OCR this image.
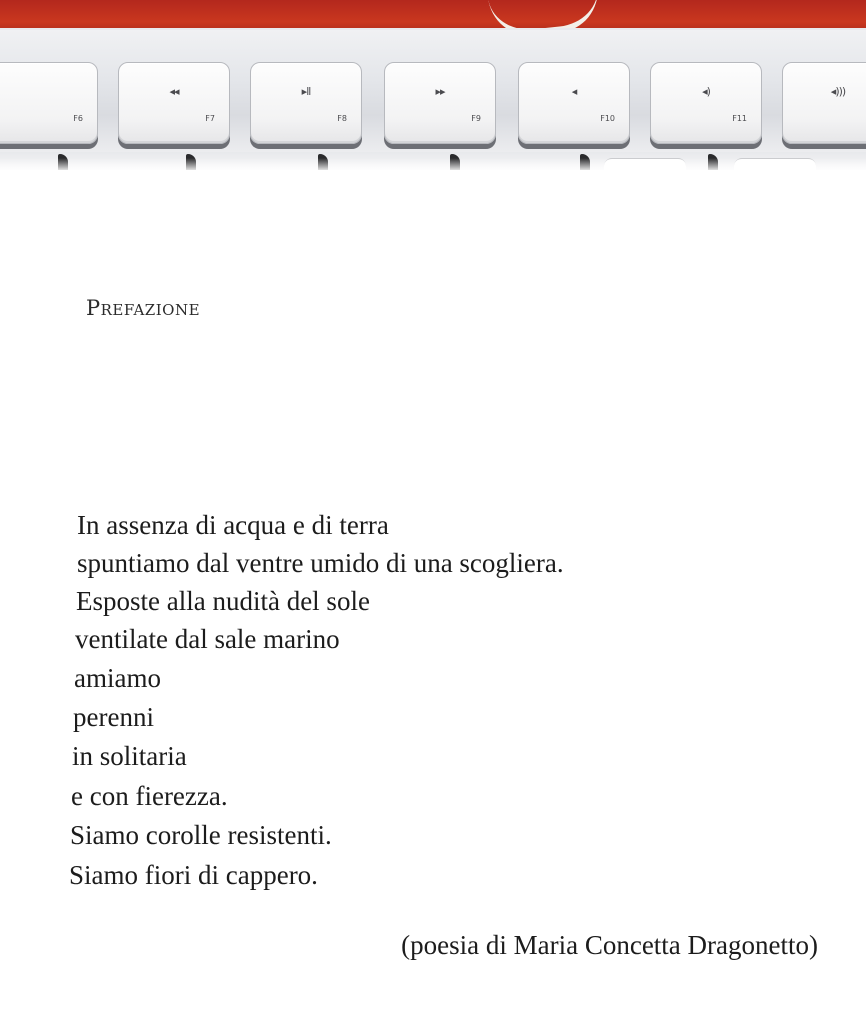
F6
◂◂
F7
▸ll
F8
▸▸
F9
◂
F10
◂)
F11
◂)))
Prefazione
In assenza di acqua e di terra
spuntiamo dal ventre umido di una scogliera.
Esposte alla nudità del sole
ventilate dal sale marino
amiamo
perenni
in solitaria
e con fierezza.
Siamo corolle resistenti.
Siamo fiori di cappero.
(poesia di Maria Concetta Dragonetto)
